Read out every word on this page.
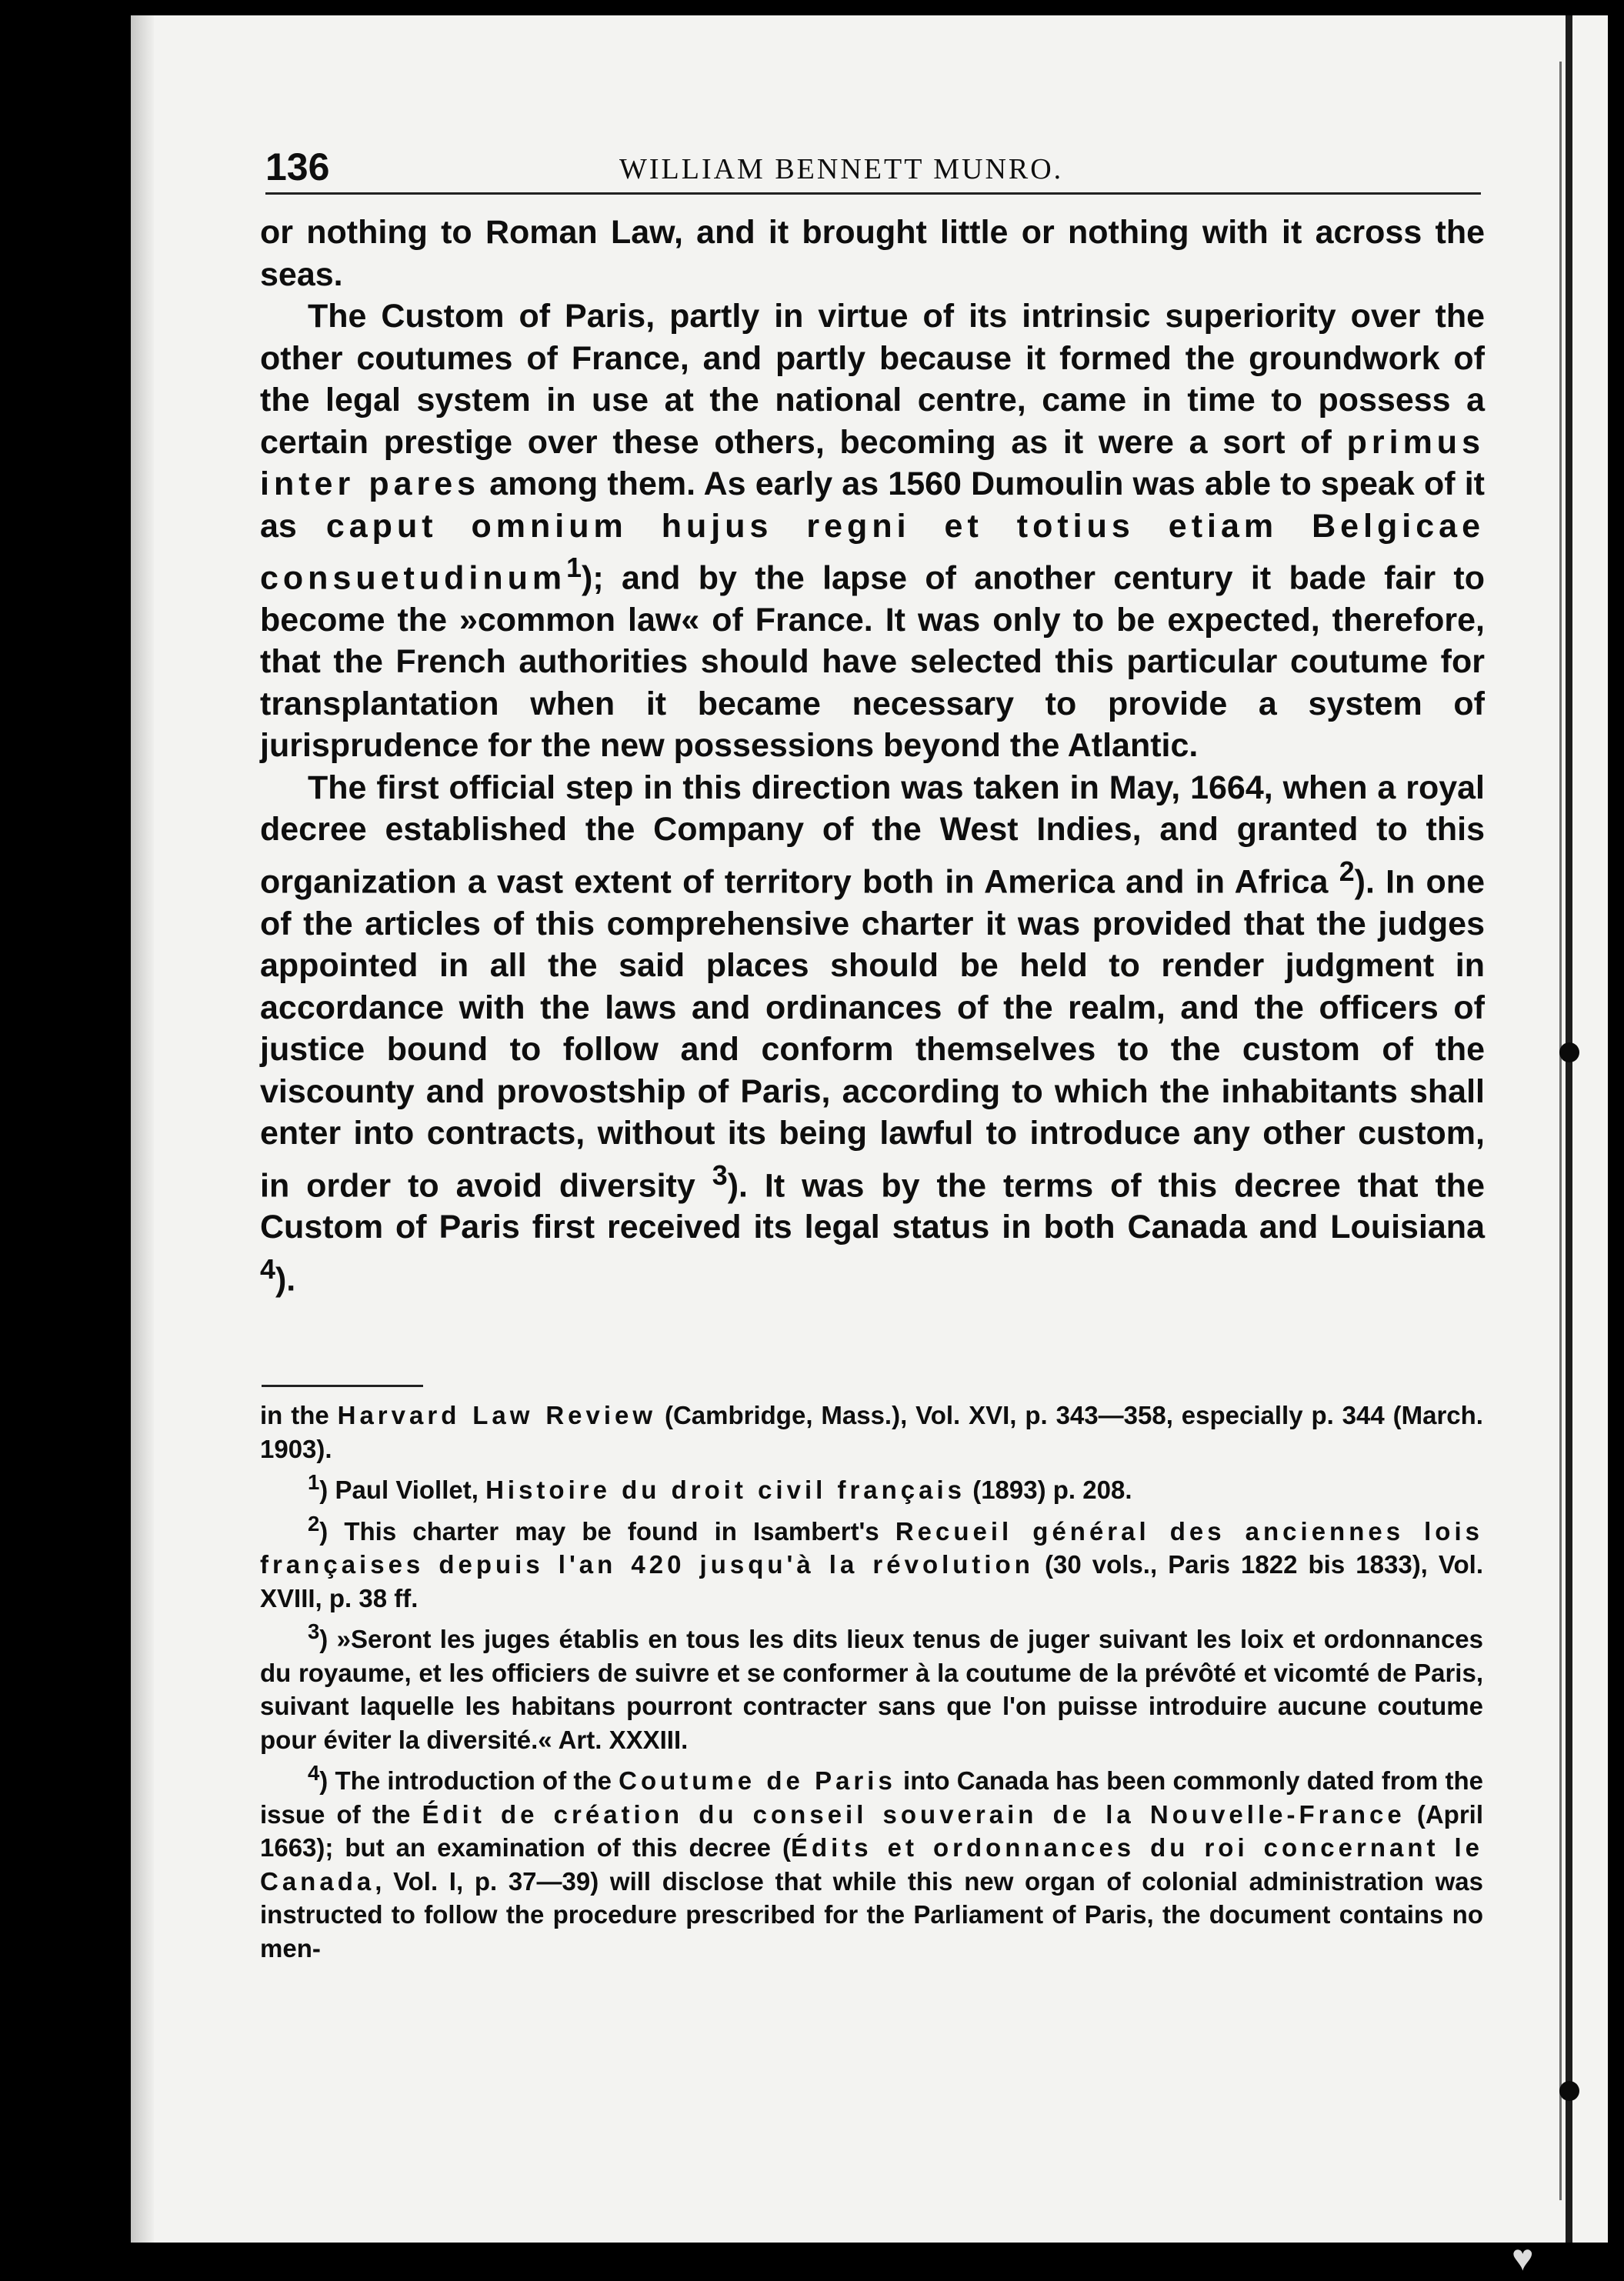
136	WILLIAM BENNETT MUNRO.

or nothing to Roman Law, and it brought little or nothing with it across the seas.

The Custom of Paris, partly in virtue of its intrinsic superiority over the other coutumes of France, and partly because it formed the groundwork of the legal system in use at the national centre, came in time to possess a certain prestige over these others, becoming as it were a sort of primus inter pares among them. As early as 1560 Dumoulin was able to speak of it as caput omnium hujus regni et totius etiam Belgicae consuetudinum$^1$); and by the lapse of another century it bade fair to become the »common law« of France. It was only to be expected, therefore, that the French authorities should have selected this particular coutume for transplantation when it became necessary to provide a system of jurisprudence for the new possessions beyond the Atlantic.

The first official step in this direction was taken in May, 1664, when a royal decree established the Company of the West Indies, and granted to this organization a vast extent of territory both in America and in Africa $^2$). In one of the articles of this comprehensive charter it was provided that the judges appointed in all the said places should be held to render judgment in accordance with the laws and ordinances of the realm, and the officers of justice bound to follow and conform themselves to the custom of the viscounty and provostship of Paris, according to which the inhabitants shall enter into contracts, without its being lawful to introduce any other custom, in order to avoid diversity $^3$). It was by the terms of this decree that the Custom of Paris first received its legal status in both Canada and Louisiana $^4$).

in the Harvard Law Review (Cambridge, Mass.), Vol. XVI, p. 343—358, especially p. 344 (March. 1903).

$^1$) Paul Viollet, Histoire du droit civil français (1893) p. 208.

$^2$) This charter may be found in Isambert's Recueil général des anciennes lois françaises depuis l'an 420 jusqu'à la révolution (30 vols., Paris 1822 bis 1833), Vol. XVIII, p. 38 ff.

$^3$) »Seront les juges établis en tous les dits lieux tenus de juger suivant les loix et ordonnances du royaume, et les officiers de suivre et se conformer à la coutume de la prévôté et vicomté de Paris, suivant laquelle les habitans pourront contracter sans que l'on puisse introduire aucune coutume pour éviter la diversité.« Art. XXXIII.

$^4$) The introduction of the Coutume de Paris into Canada has been commonly dated from the issue of the Édit de création du conseil souverain de la Nouvelle-France (April 1663); but an examination of this decree (Édits et ordonnances du roi concernant le Canada, Vol. I, p. 37—39) will disclose that while this new organ of colonial administration was instructed to follow the procedure prescribed for the Parliament of Paris, the document contains no men-

♥
